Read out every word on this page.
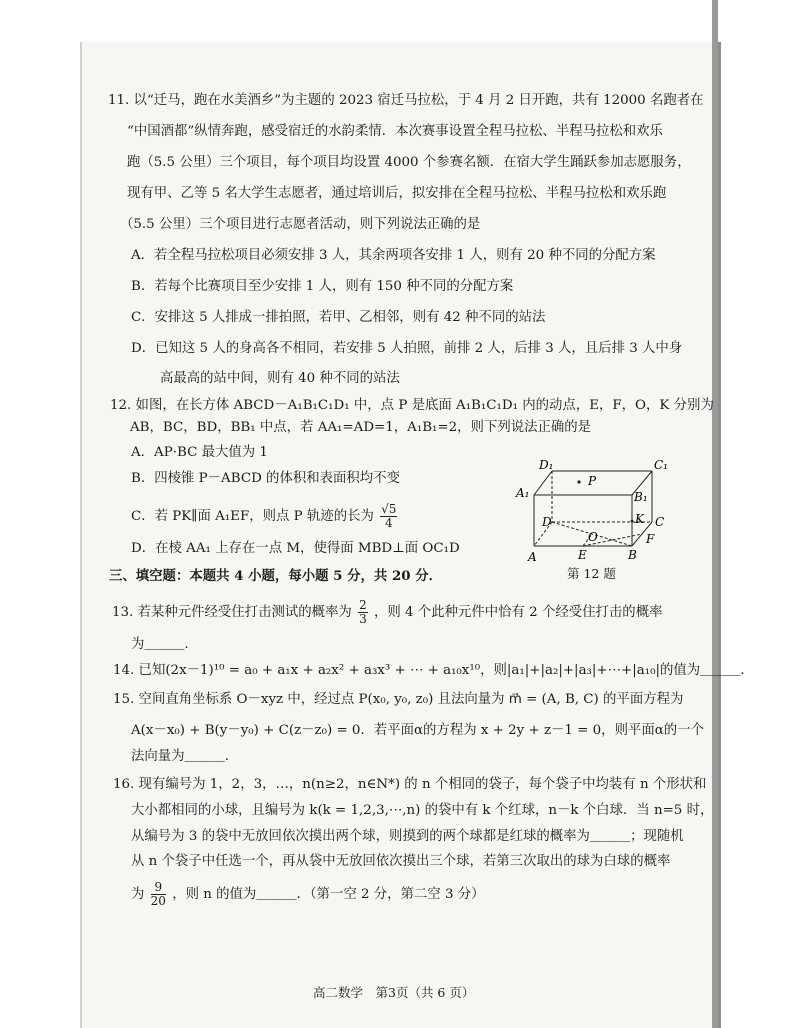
11. 以“迁马，跑在水美酒乡”为主题的 2023 宿迁马拉松，于 4 月 2 日开跑，共有 12000 名跑者在
“中国酒都”纵情奔跑，感受宿迁的水韵柔情．本次赛事设置全程马拉松、半程马拉松和欢乐
跑（5.5 公里）三个项目，每个项目均设置 4000 个参赛名额．在宿大学生踊跃参加志愿服务，
现有甲、乙等 5 名大学生志愿者，通过培训后，拟安排在全程马拉松、半程马拉松和欢乐跑
（5.5 公里）三个项目进行志愿者活动，则下列说法正确的是
A．若全程马拉松项目必须安排 3 人，其余两项各安排 1 人，则有 20 种不同的分配方案
B．若每个比赛项目至少安排 1 人，则有 150 种不同的分配方案
C．安排这 5 人排成一排拍照，若甲、乙相邻，则有 42 种不同的站法
D．已知这 5 人的身高各不相同，若安排 5 人拍照，前排 2 人，后排 3 人，且后排 3 人中身
高最高的站中间，则有 40 种不同的站法
12. 如图，在长方体 ABCD－A₁B₁C₁D₁ 中，点 P 是底面 A₁B₁C₁D₁ 内的动点，E，F，O，K 分别为
AB，BC，BD，BB₁ 中点，若 AA₁=AD=1，A₁B₁=2，则下列说法正确的是
A．AP·BC 最大值为 1
B．四棱锥 P－ABCD 的体积和表面积均不变
C．若 PK∥面 A₁EF，则点 P 轨迹的长为 $\frac{√5}{4}$
D．在棱 AA₁ 上存在一点 M，使得面 MBD⊥面 OC₁D
D₁	C₁
A₁	B₁
P
K
D	C
O	F
A	E	B
第 12 题
三、填空题：本题共 4 小题，每小题 5 分，共 20 分．
13. 若某种元件经受住打击测试的概率为 $\frac{2}{3}$ ，则 4 个此种元件中恰有 2 个经受住打击的概率
为＿＿＿．
14. 已知(2x－1)¹⁰ = a₀ + a₁x + a₂x² + a₃x³ + ⋯ + a₁₀x¹⁰，则|a₁|+|a₂|+|a₃|+⋯+|a₁₀|的值为＿＿＿．
15. 空间直角坐标系 O－xyz 中，经过点 P(x₀, y₀, z₀) 且法向量为 m⃗ = (A, B, C) 的平面方程为
A(x－x₀) + B(y－y₀) + C(z－z₀) = 0．若平面α的方程为 x + 2y + z－1 = 0，则平面α的一个
法向量为＿＿＿．
16. 现有编号为 1，2，3，…，n(n≥2，n∈N*) 的 n 个相同的袋子，每个袋子中均装有 n 个形状和
大小都相同的小球，且编号为 k(k = 1,2,3,⋯,n) 的袋中有 k 个红球，n－k 个白球．当 n=5 时，
从编号为 3 的袋中无放回依次摸出两个球，则摸到的两个球都是红球的概率为＿＿＿；现随机
从 n 个袋子中任选一个，再从袋中无放回依次摸出三个球，若第三次取出的球为白球的概率
为 $\frac{9}{20}$ ，则 n 的值为＿＿＿．（第一空 2 分，第二空 3 分）
高二数学　第3页（共 6 页）
